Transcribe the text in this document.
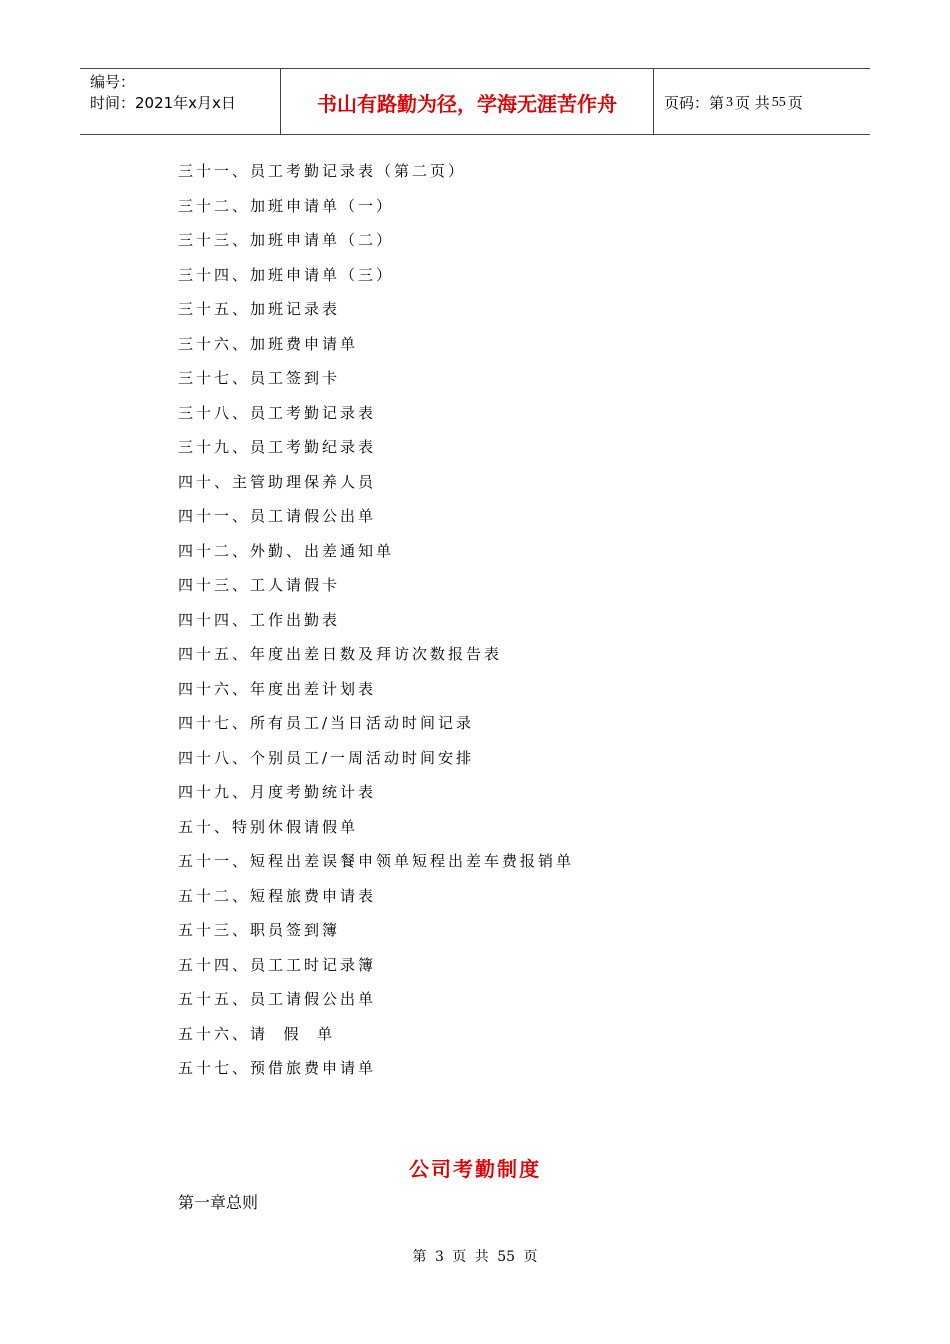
编号：
时间：2021年x月x日	书山有路勤为径，学海无涯苦作舟	页码：第 3 页 共 55 页
三十一、员工考勤记录表（第二页）
三十二、加班申请单（一）
三十三、加班申请单（二）
三十四、加班申请单（三）
三十五、加班记录表
三十六、加班费申请单
三十七、员工签到卡
三十八、员工考勤记录表
三十九、员工考勤纪录表
四十、主管助理保养人员
四十一、员工请假公出单
四十二、外勤、出差通知单
四十三、工人请假卡
四十四、工作出勤表
四十五、年度出差日数及拜访次数报告表
四十六、年度出差计划表
四十七、所有员工/当日活动时间记录
四十八、个别员工/一周活动时间安排
四十九、月度考勤统计表
五十、特别休假请假单
五十一、短程出差误餐申领单短程出差车费报销单
五十二、短程旅费申请表
五十三、职员签到簿
五十四、员工工时记录簿
五十五、员工请假公出单
五十六、请  假  单
五十七、预借旅费申请单
公司考勤制度
第一章总则
第 3 页 共 55 页
